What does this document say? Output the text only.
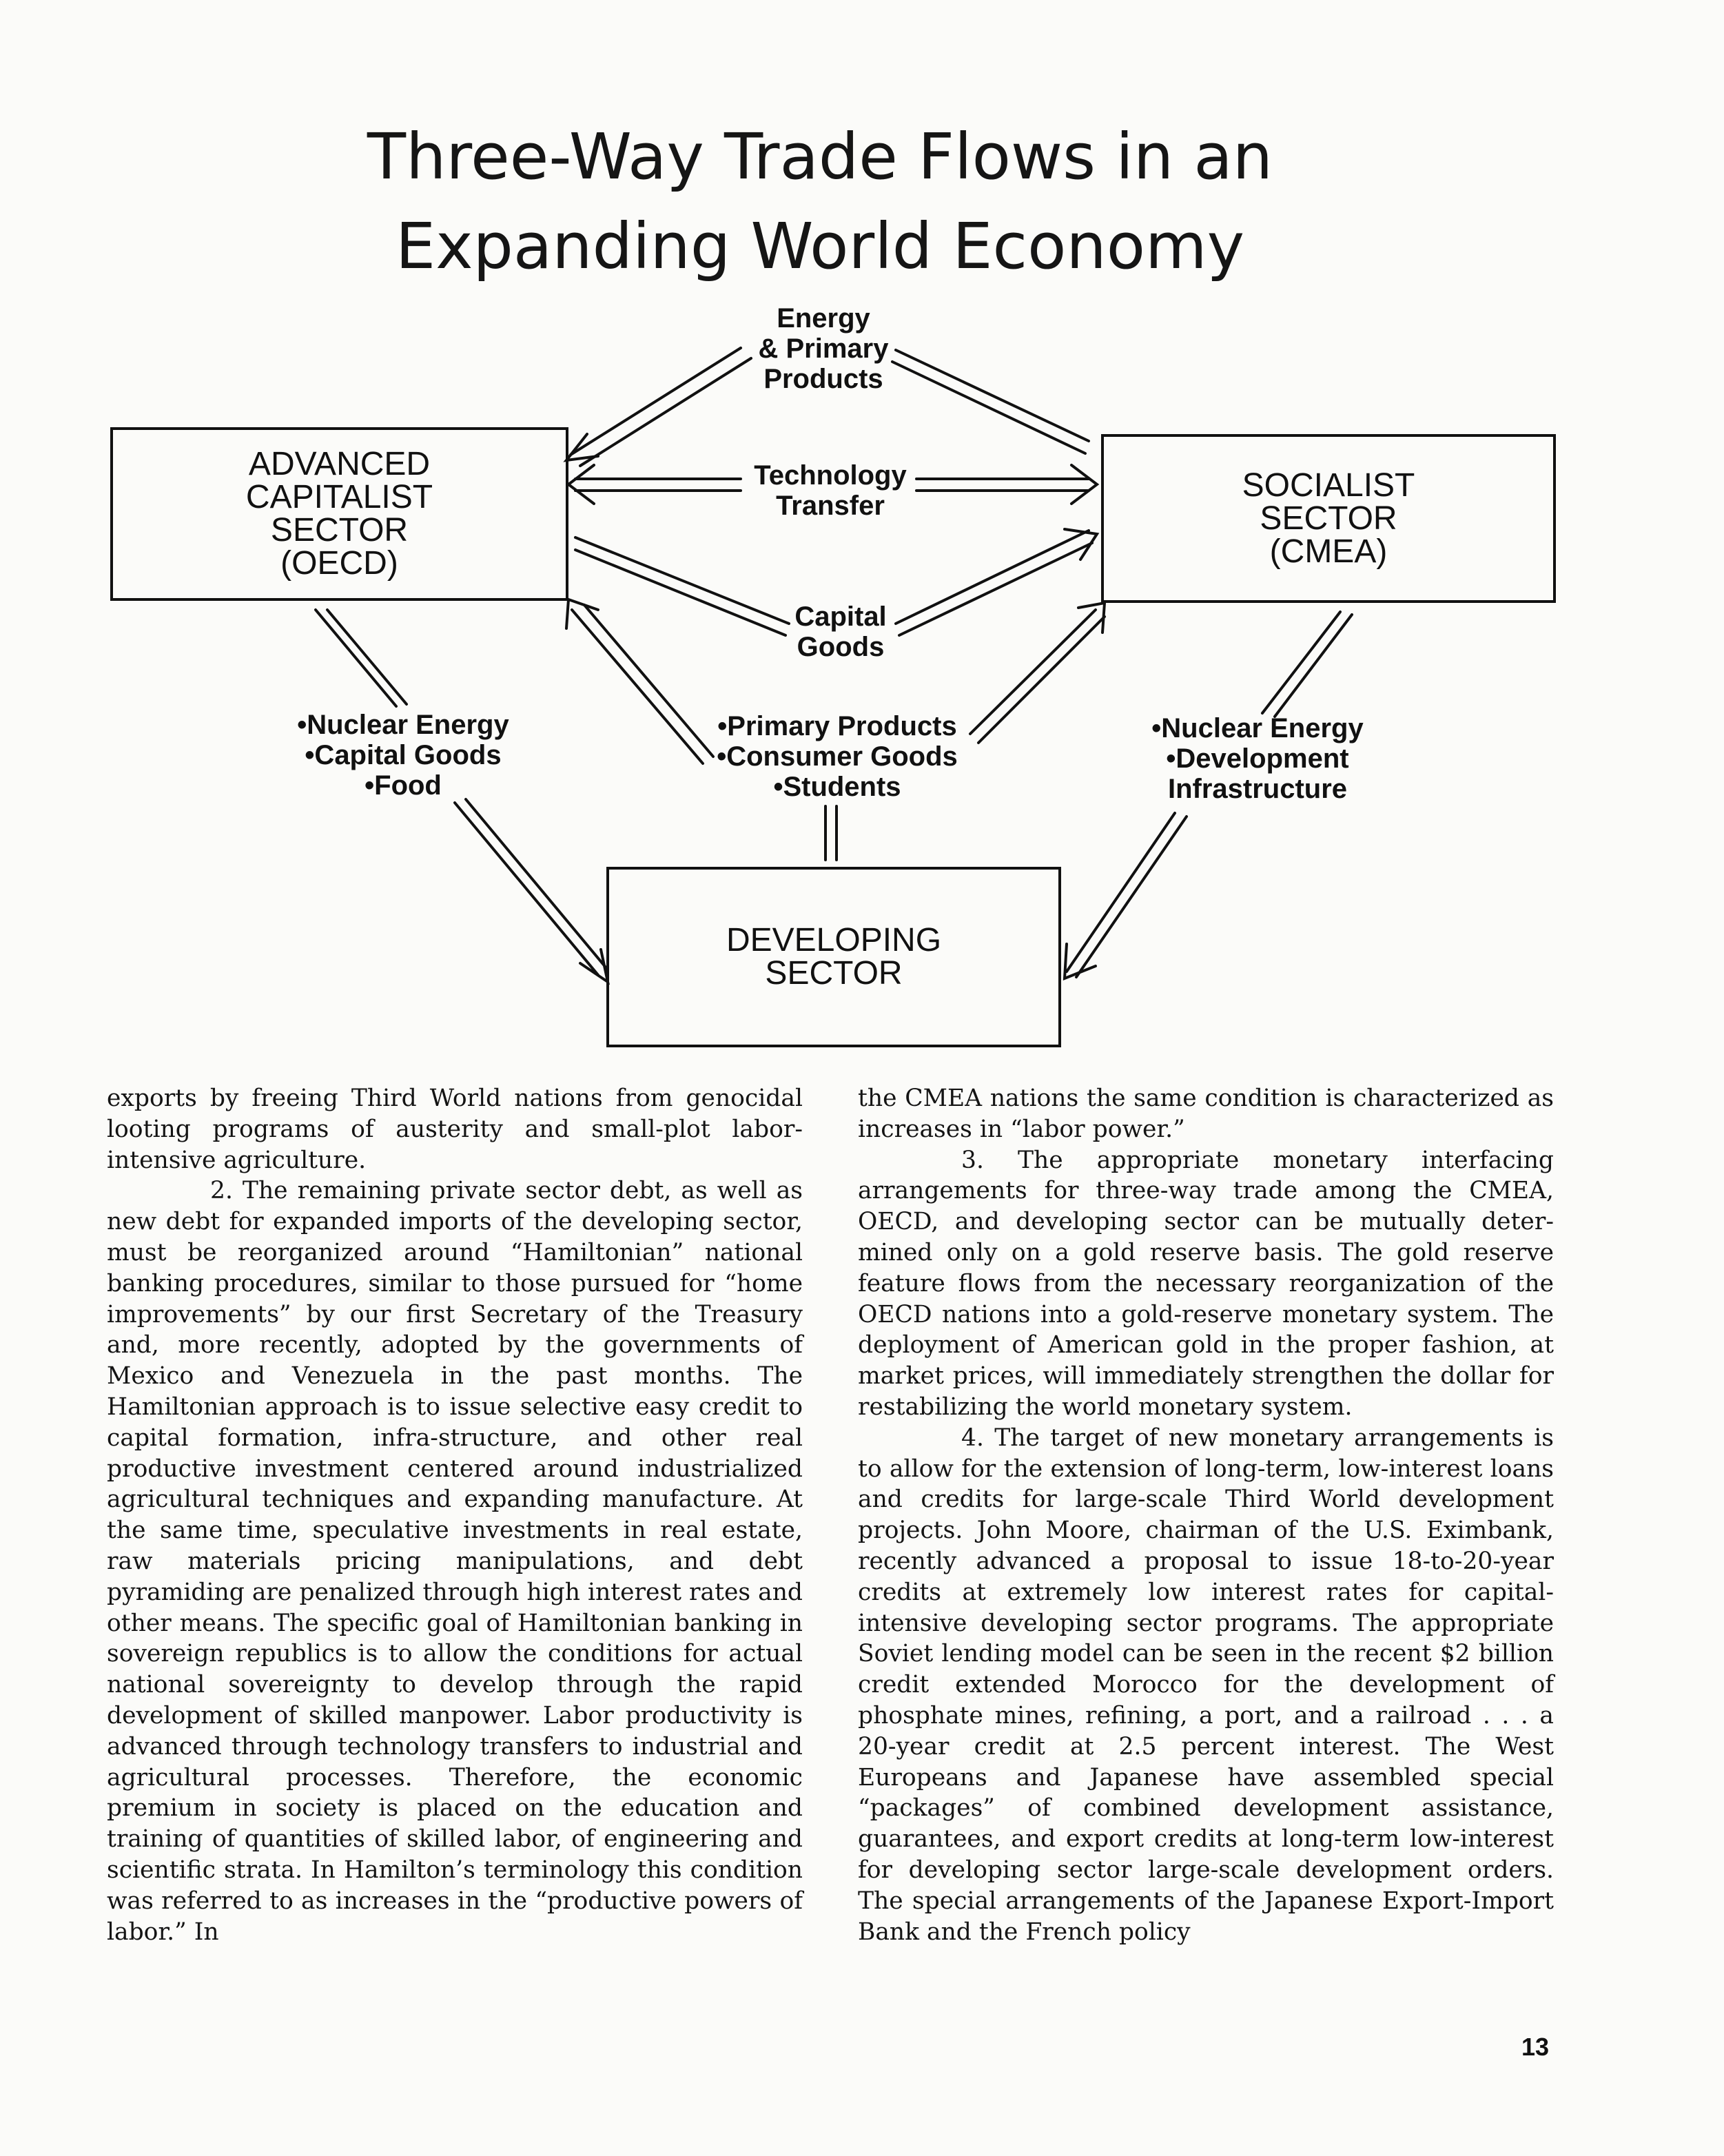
Three-Way Trade Flows in an
Expanding World Economy
ADVANCED
CAPITALIST
SECTOR
(OECD)
SOCIALIST
SECTOR
(CMEA)
DEVELOPING
SECTOR
Energy
& Primary
Products
Technology
Transfer
Capital
Goods
•Nuclear Energy
•Capital Goods
•Food
•Primary Products
•Consumer Goods
•Students
•Nuclear Energy
•Development
Infrastructure

exports by freeing Third World nations from genocidal looting programs of austerity and small-plot labor-intensive agriculture.

2. The remaining private sector debt, as well as new debt for expanded imports of the developing sector, must be reorganized around “Hamiltonian” national banking procedures, similar to those pursued for “home improvements” by our first Secretary of the Treasury and, more recently, adopted by the governments of Mexico and Venezuela in the past months. The Hamiltonian approach is to issue selective easy credit to capital formation, infra-structure, and other real productive investment centered around industrialized agricultural techniques and expanding manufacture. At the same time, speculative investments in real estate, raw materials pricing manipulations, and debt pyramiding are penalized through high interest rates and other means. The specific goal of Hamiltonian banking in sovereign republics is to allow the conditions for actual national sovereignty to develop through the rapid development of skilled manpower. Labor productivity is advanced through technology transfers to industrial and agricultural processes. Therefore, the economic premium in society is placed on the education and training of quantities of skilled labor, of engineering and scientific strata. In Hamilton’s terminology this condition was referred to as increases in the “productive powers of labor.” In

the CMEA nations the same condition is characterized as increases in “labor power.”

3. The appropriate monetary interfacing arrangements for three-way trade among the CMEA, OECD, and developing sector can be mutually deter-mined only on a gold reserve basis. The gold reserve feature flows from the necessary reorganization of the OECD nations into a gold-reserve monetary system. The deployment of American gold in the proper fashion, at market prices, will immediately strengthen the dollar for restabilizing the world monetary system.

4. The target of new monetary arrangements is to allow for the extension of long-term, low-interest loans and credits for large-scale Third World development projects. John Moore, chairman of the U.S. Eximbank, recently advanced a proposal to issue 18-to-20-year credits at extremely low interest rates for capital-intensive developing sector programs. The appropriate Soviet lending model can be seen in the recent $2 billion credit extended Morocco for the development of phosphate mines, refining, a port, and a railroad . . . a 20-year credit at 2.5 percent interest. The West Europeans and Japanese have assembled special “packages” of combined development assistance, guarantees, and export credits at long-term low-interest for developing sector large-scale development orders. The special arrangements of the Japanese Export-Import Bank and the French policy

13
